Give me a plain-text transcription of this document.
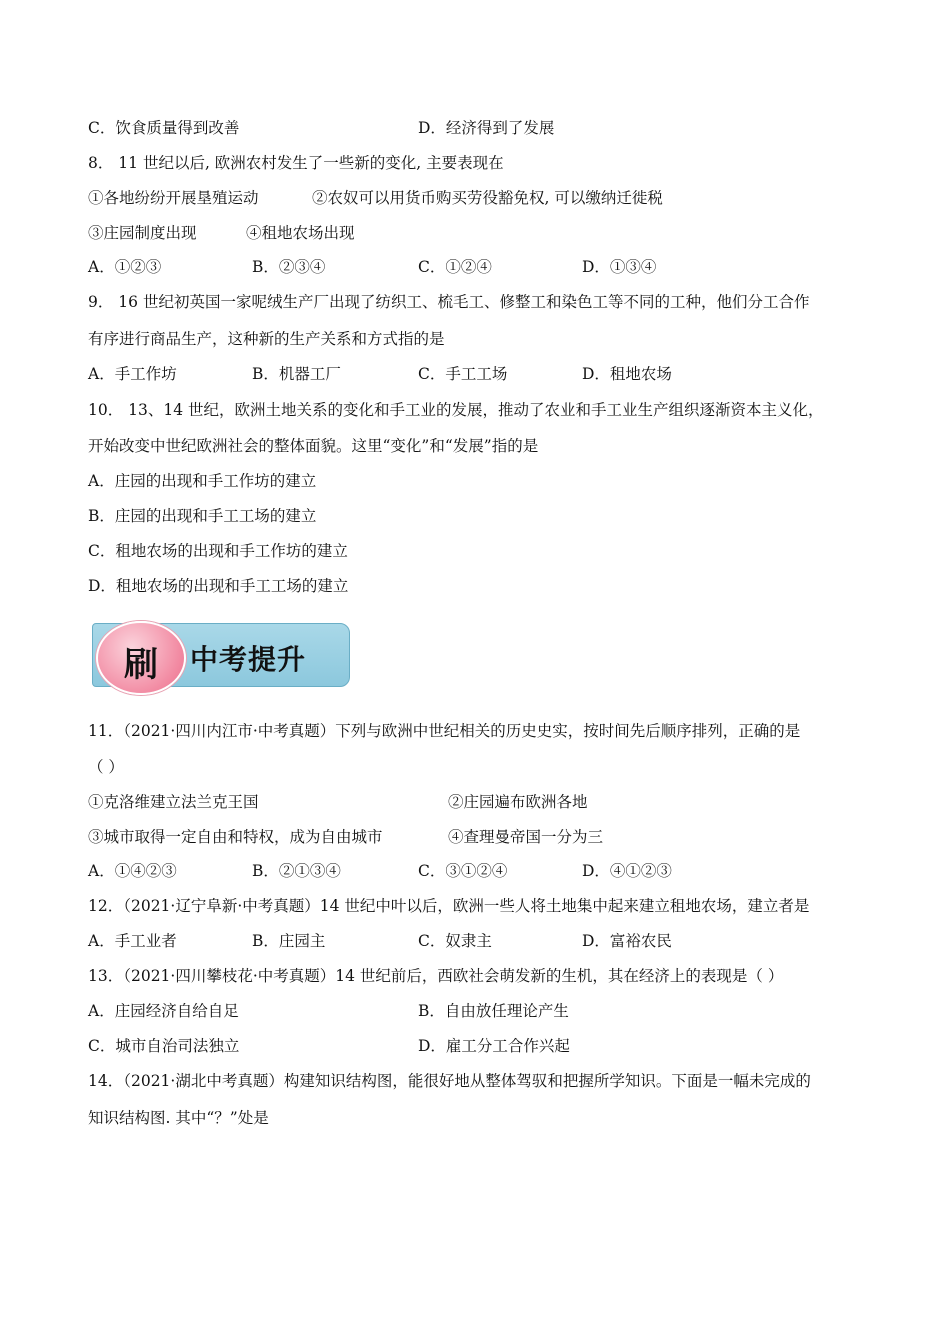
C．饮食质量得到改善	D．经济得到了发展
8． 11 世纪以后, 欧洲农村发生了一些新的变化, 主要表现在
①各地纷纷开展垦殖运动	②农奴可以用货币购买劳役豁免权, 可以缴纳迁徙税
③庄园制度出现	④租地农场出现
A．①②③	B．②③④	C．①②④	D．①③④
9． 16 世纪初英国一家呢绒生产厂出现了纺织工、梳毛工、修整工和染色工等不同的工种，他们分工合作
有序进行商品生产，这种新的生产关系和方式指的是
A．手工作坊	B．机器工厂	C．手工工场	D．租地农场
10． 13、14 世纪，欧洲土地关系的变化和手工业的发展，推动了农业和手工业生产组织逐渐资本主义化，
开始改变中世纪欧洲社会的整体面貌。这里“变化”和“发展”指的是
A．庄园的出现和手工作坊的建立
B．庄园的出现和手工工场的建立
C．租地农场的出现和手工作坊的建立
D．租地农场的出现和手工工场的建立
刷	中考提升
11．（2021·四川内江市·中考真题）下列与欧洲中世纪相关的历史史实，按时间先后顺序排列，正确的是
（ ）
①克洛维建立法兰克王国	②庄园遍布欧洲各地
③城市取得一定自由和特权，成为自由城市	④查理曼帝国一分为三
A．①④②③	B．②①③④	C．③①②④	D．④①②③
12．（2021·辽宁阜新·中考真题）14 世纪中叶以后，欧洲一些人将土地集中起来建立租地农场，建立者是
A．手工业者	B．庄园主	C．奴隶主	D．富裕农民
13．（2021·四川攀枝花·中考真题）14 世纪前后，西欧社会萌发新的生机，其在经济上的表现是（ ）
A．庄园经济自给自足	B．自由放任理论产生
C．城市自治司法独立	D．雇工分工合作兴起
14．（2021·湖北中考真题）构建知识结构图，能很好地从整体驾驭和把握所学知识。下面是一幅未完成的
知识结构图. 其中“？”处是
